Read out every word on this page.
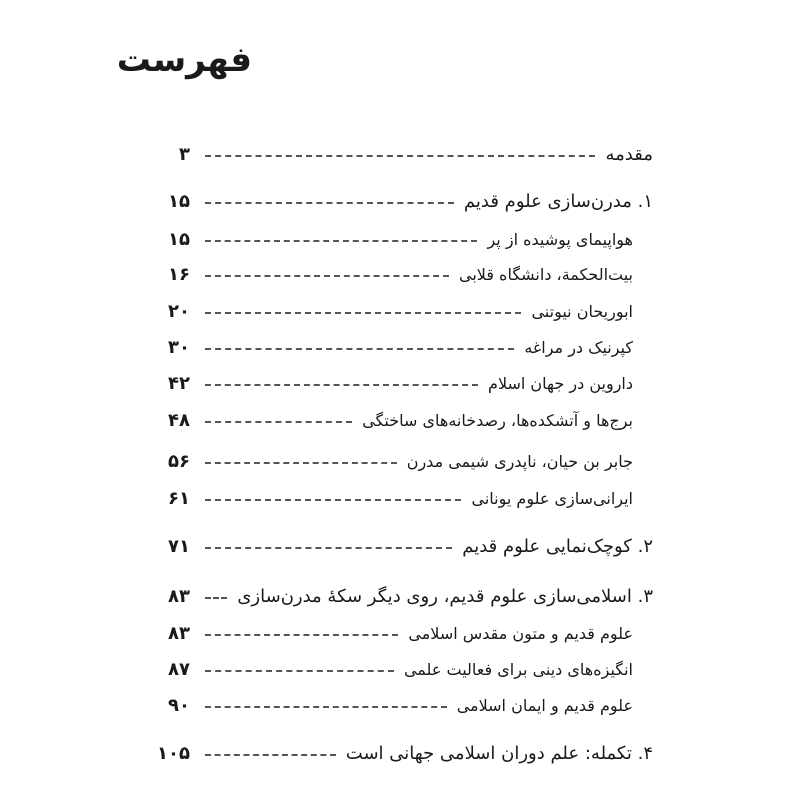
فهرست
مقدمه
۳
۱. مدرن‌سازی علوم قدیم
۱۵
هواپیمای پوشیده از پر
۱۵
بیت‌الحکمة، دانشگاه قلابی
۱۶
ابوریحان نیوتنی
۲۰
کپرنیک در مراغه
۳۰
داروین در جهان اسلام
۴۲
برج‌ها و آتشکده‌ها، رصدخانه‌های ساختگی
۴۸
جابر بن حیان، ناپدری شیمی مدرن
۵۶
ایرانی‌سازی علوم یونانی
۶۱
۲. کوچک‌نمایی علوم قدیم
۷۱
۳. اسلامی‌سازی علوم قدیم، روی دیگر سکهٔ مدرن‌سازی
۸۳
علوم قدیم و متون مقدس اسلامی
۸۳
انگیزه‌های دینی برای فعالیت علمی
۸۷
علوم قدیم و ایمان اسلامی
۹۰
۴. تکمله: علم دوران اسلامی جهانی است
۱۰۵
